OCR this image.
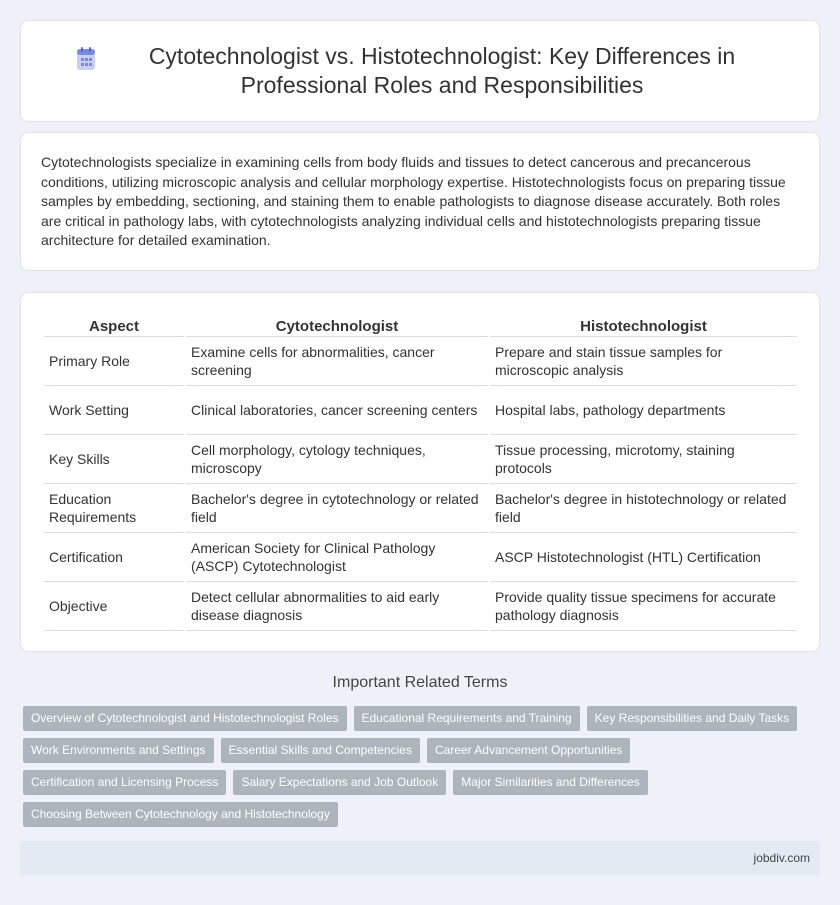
Cytotechnologist vs. Histotechnologist: Key Differences in Professional Roles and Responsibilities

Cytotechnologists specialize in examining cells from body fluids and tissues to detect cancerous and precancerous conditions, utilizing microscopic analysis and cellular morphology expertise. Histotechnologists focus on preparing tissue samples by embedding, sectioning, and staining them to enable pathologists to diagnose disease accurately. Both roles are critical in pathology labs, with cytotechnologists analyzing individual cells and histotechnologists preparing tissue architecture for detailed examination.

Aspect	Cytotechnologist	Histotechnologist
Primary Role	Examine cells for abnormalities, cancer screening	Prepare and stain tissue samples for microscopic analysis
Work Setting	Clinical laboratories, cancer screening centers	Hospital labs, pathology departments
Key Skills	Cell morphology, cytology techniques, microscopy	Tissue processing, microtomy, staining protocols
Education Requirements	Bachelor's degree in cytotechnology or related field	Bachelor's degree in histotechnology or related field
Certification	American Society for Clinical Pathology (ASCP) Cytotechnologist	ASCP Histotechnologist (HTL) Certification
Objective	Detect cellular abnormalities to aid early disease diagnosis	Provide quality tissue specimens for accurate pathology diagnosis
Important Related Terms
Overview of Cytotechnologist and Histotechnologist Roles	Educational Requirements and Training	Key Responsibilities and Daily Tasks
Work Environments and Settings	Essential Skills and Competencies	Career Advancement Opportunities
Certification and Licensing Process	Salary Expectations and Job Outlook	Major Similarities and Differences
Choosing Between Cytotechnology and Histotechnology
jobdiv.com
